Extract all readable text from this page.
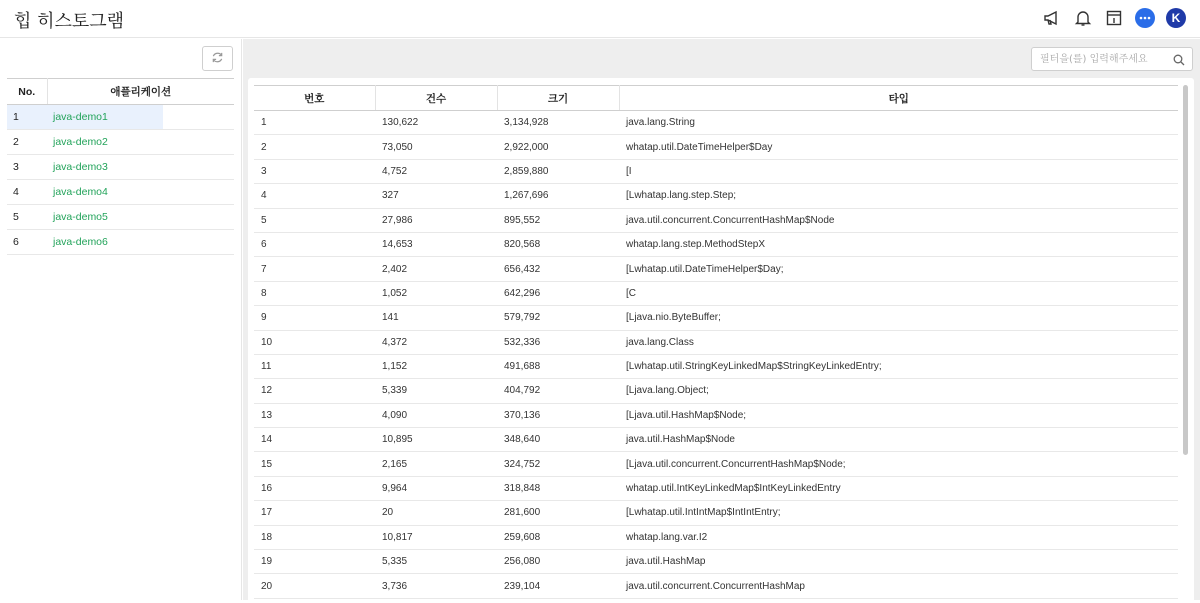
힙 히스토그램	K
No.	애플리케이션
1	java-demo1

2	java-demo2

3	java-demo3

4	java-demo4

5	java-demo5

6	java-demo6
필터을(를) 입력해주세요
번호	건수	크기	타입
1	130,622	3,134,928	java.lang.String
2	73,050	2,922,000	whatap.util.DateTimeHelper$Day
3	4,752	2,859,880	[I
4	327	1,267,696	[Lwhatap.lang.step.Step;
5	27,986	895,552	java.util.concurrent.ConcurrentHashMap$Node
6	14,653	820,568	whatap.lang.step.MethodStepX
7	2,402	656,432	[Lwhatap.util.DateTimeHelper$Day;
8	1,052	642,296	[C
9	141	579,792	[Ljava.nio.ByteBuffer;
10	4,372	532,336	java.lang.Class
11	1,152	491,688	[Lwhatap.util.StringKeyLinkedMap$StringKeyLinkedEntry;
12	5,339	404,792	[Ljava.lang.Object;
13	4,090	370,136	[Ljava.util.HashMap$Node;
14	10,895	348,640	java.util.HashMap$Node
15	2,165	324,752	[Ljava.util.concurrent.ConcurrentHashMap$Node;
16	9,964	318,848	whatap.util.IntKeyLinkedMap$IntKeyLinkedEntry
17	20	281,600	[Lwhatap.util.IntIntMap$IntIntEntry;
18	10,817	259,608	whatap.lang.var.I2
19	5,335	256,080	java.util.HashMap
20	3,736	239,104	java.util.concurrent.ConcurrentHashMap
